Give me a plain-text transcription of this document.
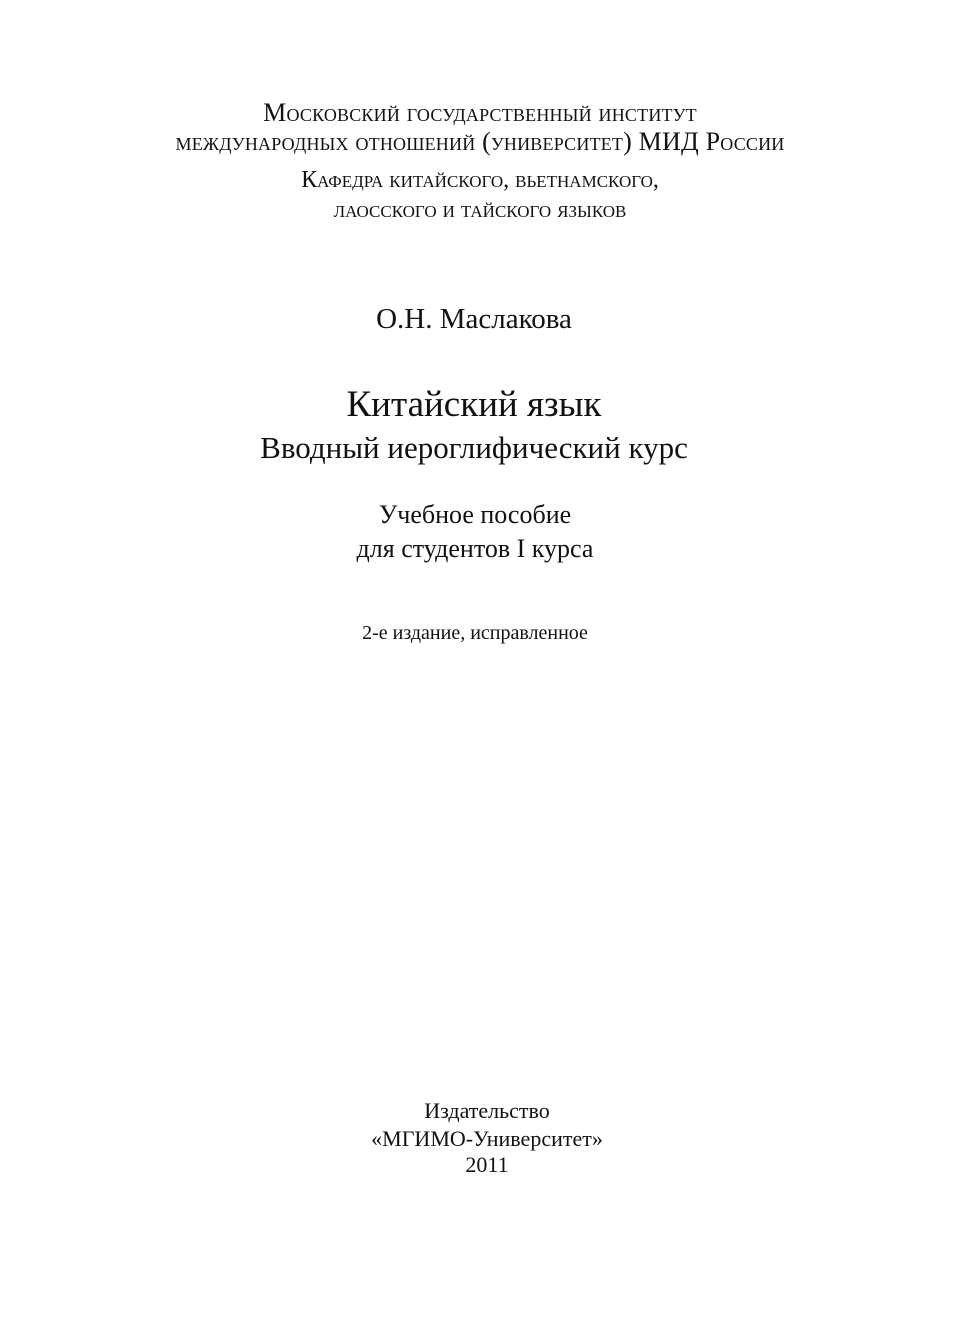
Московский государственный институт
международных отношений (университет) МИД России
Кафедра китайского, вьетнамского,
лаосского и тайского языков
О.Н. Маслакова
Китайский язык
Вводный иероглифический курс
Учебное пособие
для студентов I курса
2-е издание, исправленное
Издательство
«МГИМО-Университет»
2011
